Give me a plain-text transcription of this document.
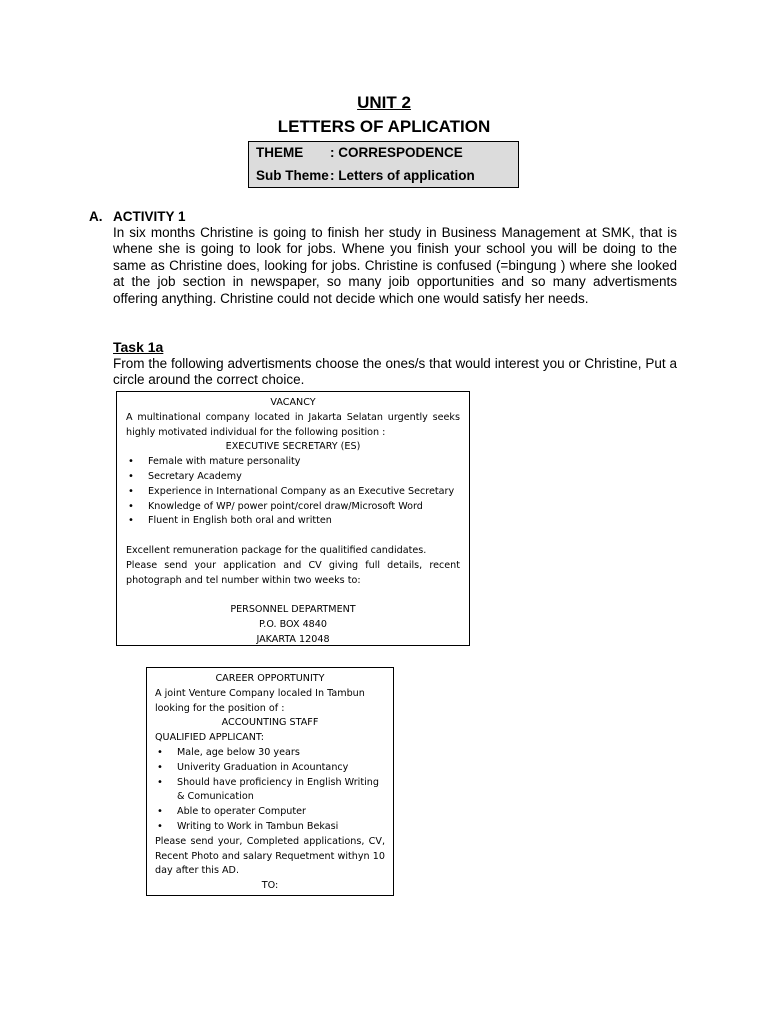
UNIT 2
LETTERS OF APLICATION
THEME : CORRESPODENCE
Sub Theme: Letters of application
A. ACTIVITY 1
In six months Christine is going to finish her study in Business Management at SMK, that is whene she is going to look for jobs. Whene you finish your school you will be doing to the same as Christine does, looking for jobs. Christine is confused (=bingung ) where she looked at the job section in newspaper, so many joib opportunities and so many advertisments offering anything. Christine could not decide which one would satisfy her needs.
Task 1a
From the following advertisments choose the ones/s that would interest you or Christine, Put a circle around the correct choice.
VACANCY
A multinational company located in Jakarta Selatan urgently seeks highly motivated individual for the following position :
EXECUTIVE SECRETARY (ES)
• Female with mature personality
• Secretary Academy
• Experience in International Company as an Executive Secretary
• Knowledge of WP/ power point/corel draw/Microsoft Word
• Fluent in English both oral and written
Excellent remuneration package for the qualitified candidates.
Please send your application and CV giving full details, recent photograph and tel number within two weeks to:
PERSONNEL DEPARTMENT
P.O. BOX 4840
JAKARTA 12048
CAREER OPPORTUNITY
A joint Venture Company localed In Tambun looking for the position of :
ACCOUNTING STAFF
QUALIFIED APPLICANT:
• Male, age below 30 years
• Univerity Graduation in Acountancy
• Should have proficiency in English Writing & Comunication
• Able to operater Computer
• Writing to Work in Tambun Bekasi
Please send your, Completed applications, CV, Recent Photo and salary Requetment withyn 10 day after this AD.
TO:
